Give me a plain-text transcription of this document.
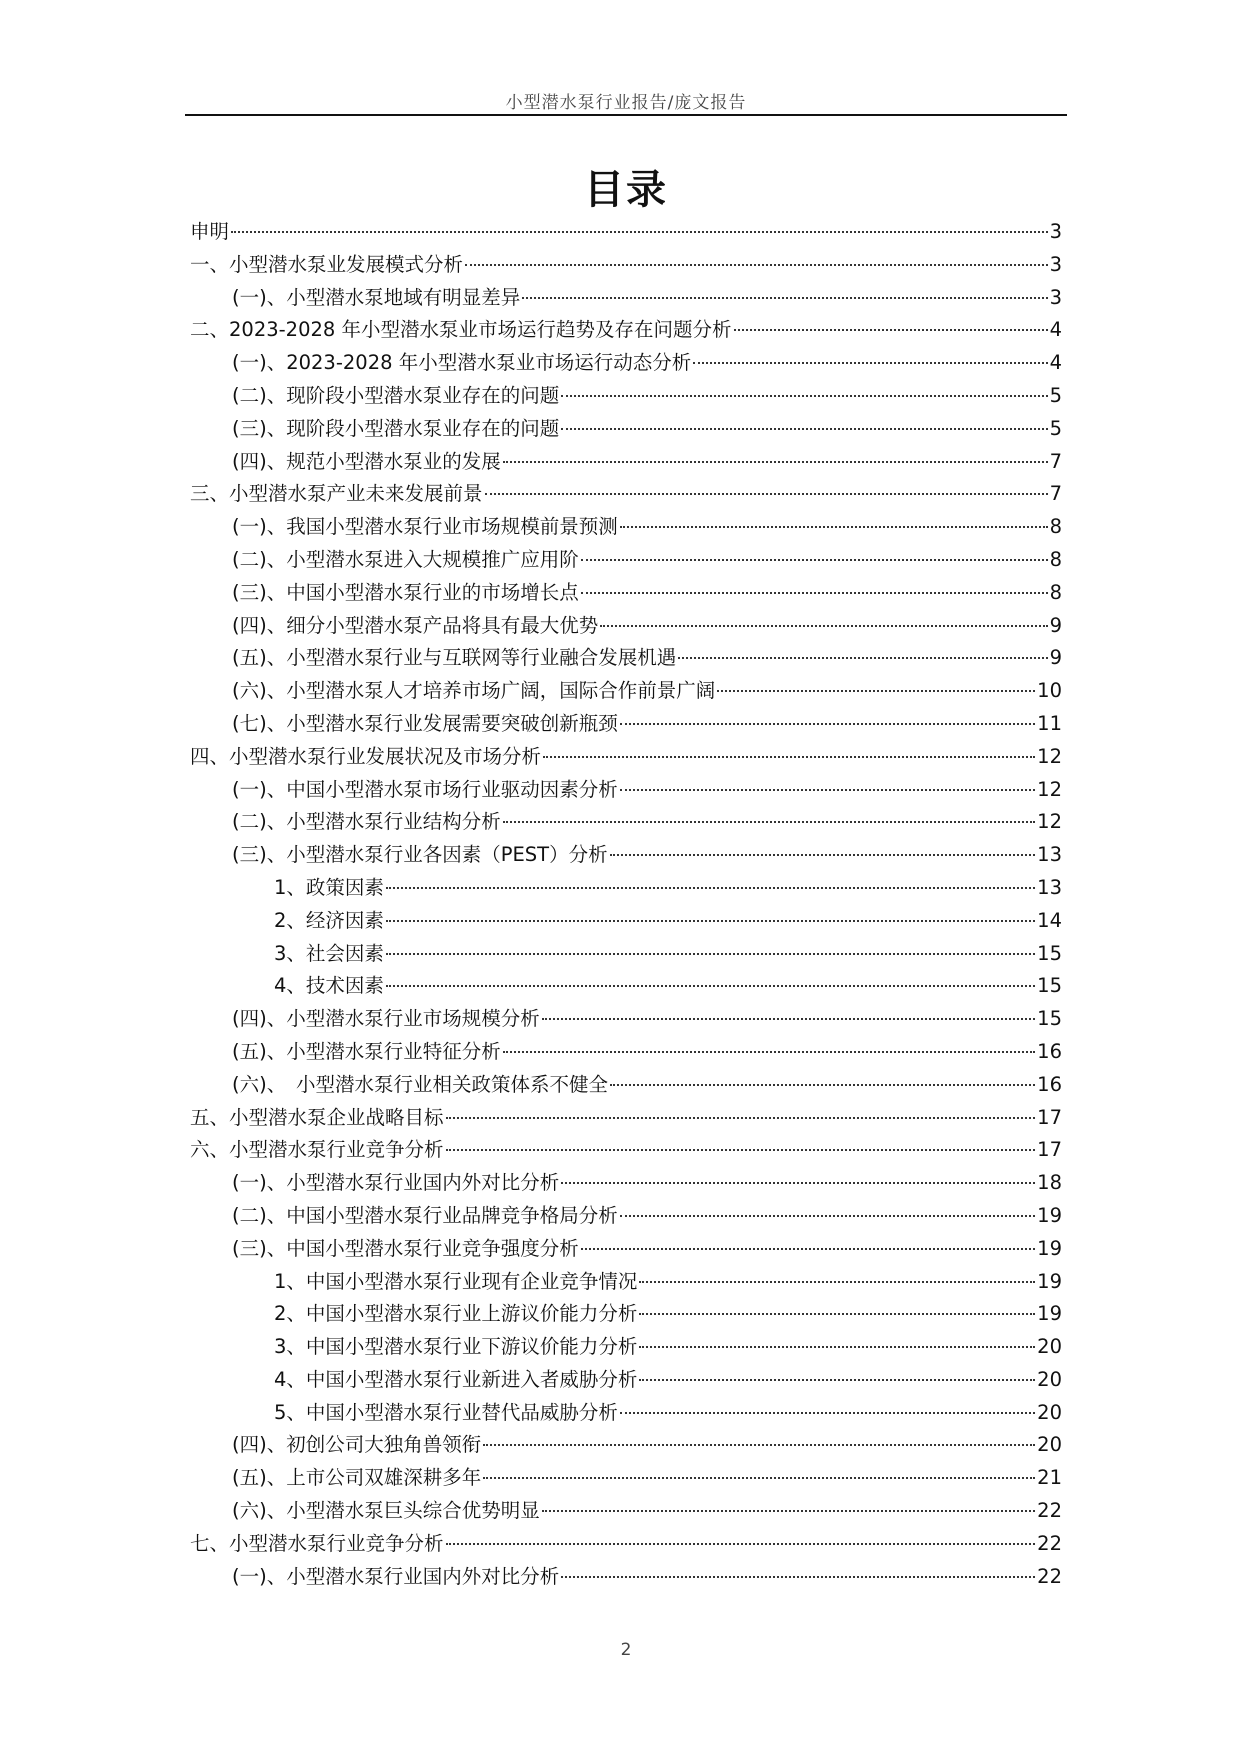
小型潜水泵行业报告/庞文报告
目录
申明	3
一、小型潜水泵业发展模式分析	3
(一)、小型潜水泵地域有明显差异	3
二、2023-2028 年小型潜水泵业市场运行趋势及存在问题分析	4
(一)、2023-2028 年小型潜水泵业市场运行动态分析	4
(二)、现阶段小型潜水泵业存在的问题	5
(三)、现阶段小型潜水泵业存在的问题	5
(四)、规范小型潜水泵业的发展	7
三、小型潜水泵产业未来发展前景	7
(一)、我国小型潜水泵行业市场规模前景预测	8
(二)、小型潜水泵进入大规模推广应用阶	8
(三)、中国小型潜水泵行业的市场增长点	8
(四)、细分小型潜水泵产品将具有最大优势	9
(五)、小型潜水泵行业与互联网等行业融合发展机遇	9
(六)、小型潜水泵人才培养市场广阔，国际合作前景广阔	10
(七)、小型潜水泵行业发展需要突破创新瓶颈	11
四、小型潜水泵行业发展状况及市场分析	12
(一)、中国小型潜水泵市场行业驱动因素分析	12
(二)、小型潜水泵行业结构分析	12
(三)、小型潜水泵行业各因素（PEST）分析	13
1、政策因素	13
2、经济因素	14
3、社会因素	15
4、技术因素	15
(四)、小型潜水泵行业市场规模分析	15
(五)、小型潜水泵行业特征分析	16
(六)、　小型潜水泵行业相关政策体系不健全	16
五、小型潜水泵企业战略目标	17
六、小型潜水泵行业竞争分析	17
(一)、小型潜水泵行业国内外对比分析	18
(二)、中国小型潜水泵行业品牌竞争格局分析	19
(三)、中国小型潜水泵行业竞争强度分析	19
1、中国小型潜水泵行业现有企业竞争情况	19
2、中国小型潜水泵行业上游议价能力分析	19
3、中国小型潜水泵行业下游议价能力分析	20
4、中国小型潜水泵行业新进入者威胁分析	20
5、中国小型潜水泵行业替代品威胁分析	20
(四)、初创公司大独角兽领衔	20
(五)、上市公司双雄深耕多年	21
(六)、小型潜水泵巨头综合优势明显	22
七、小型潜水泵行业竞争分析	22
(一)、小型潜水泵行业国内外对比分析	22
2
